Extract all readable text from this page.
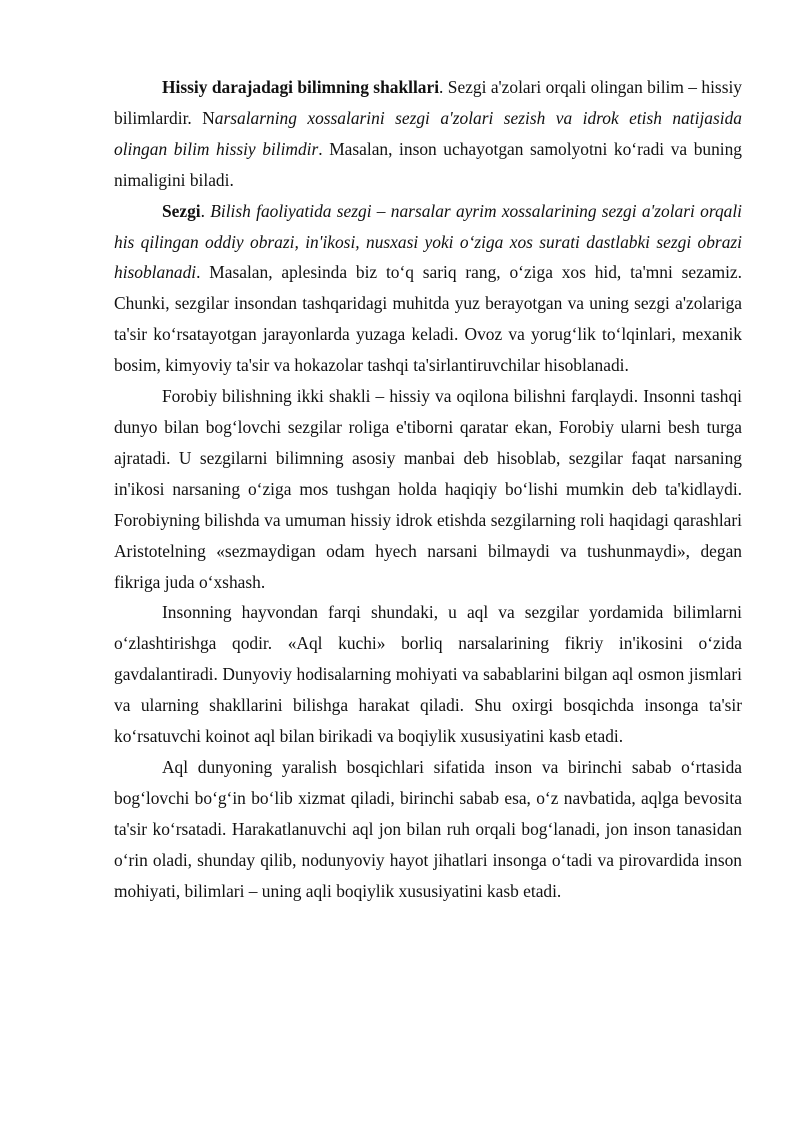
Hissiy darajadagi bilimning shakllari. Sezgi a'zolari orqali olingan bilim – hissiy bilimlardir. Narsalarning xossalarini sezgi a'zolari sezish va idrok etish natijasida olingan bilim hissiy bilimdir. Masalan, inson uchayotgan samolyotni ko‘radi va buning nimaligini biladi.

Sezgi. Bilish faoliyatida sezgi – narsalar ayrim xossalarining sezgi a'zolari orqali his qilingan oddiy obrazi, in'ikosi, nusxasi yoki o‘ziga xos surati dastlabki sezgi obrazi hisoblanadi. Masalan, aplesinda biz to‘q sariq rang, o‘ziga xos hid, ta'mni sezamiz. Chunki, sezgilar insondan tashqaridagi muhitda yuz berayotgan va uning sezgi a'zolariga ta'sir ko‘rsatayotgan jarayonlarda yuzaga keladi. Ovoz va yorug‘lik to‘lqinlari, mexanik bosim, kimyoviy ta'sir va hokazolar tashqi ta'sirlantiruvchilar hisoblanadi.

Forobiy bilishning ikki shakli – hissiy va oqilona bilishni farqlaydi. Insonni tashqi dunyo bilan bog‘lovchi sezgilar roliga e'tiborni qaratar ekan, Forobiy ularni besh turga ajratadi. U sezgilarni bilimning asosiy manbai deb hisoblab, sezgilar faqat narsaning in'ikosi narsaning o‘ziga mos tushgan holda haqiqiy bo‘lishi mumkin deb ta'kidlaydi. Forobiyning bilishda va umuman hissiy idrok etishda sezgilarning roli haqidagi qarashlari Aristotelning «sezmaydigan odam hyech narsani bilmaydi va tushunmaydi», degan fikriga juda o‘xshash.

Insonning hayvondan farqi shundaki, u aql va sezgilar yordamida bilimlarni o‘zlashtirishga qodir. «Aql kuchi» borliq narsalarining fikriy in'ikosini o‘zida gavdalantiradi. Dunyoviy hodisalarning mohiyati va sabablarini bilgan aql osmon jismlari va ularning shakllarini bilishga harakat qiladi. Shu oxirgi bosqichda insonga ta'sir ko‘rsatuvchi koinot aql bilan birikadi va boqiylik xususiyatini kasb etadi.

Aql dunyoning yaralish bosqichlari sifatida inson va birinchi sabab o‘rtasida bog‘lovchi bo‘g‘in bo‘lib xizmat qiladi, birinchi sabab esa, o‘z navbatida, aqlga bevosita ta'sir ko‘rsatadi. Harakatlanuvchi aql jon bilan ruh orqali bog‘lanadi, jon inson tanasidan o‘rin oladi, shunday qilib, nodunyoviy hayot jihatlari insonga o‘tadi va pirovardida inson mohiyati, bilimlari – uning aqli boqiylik xususiyatini kasb etadi.
